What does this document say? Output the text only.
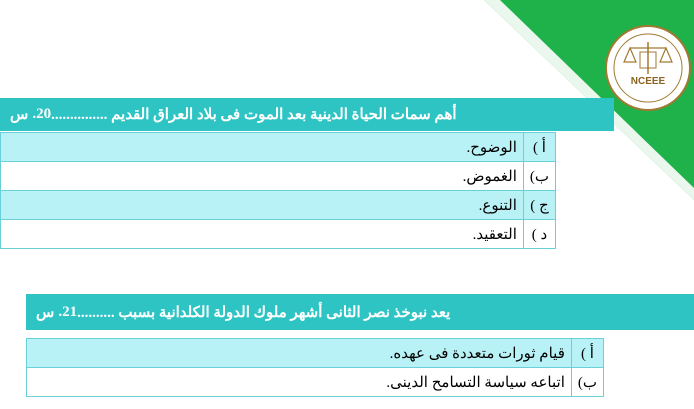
NCEEE
س 20. أهم سمات الحياة الدينية بعد الموت فى بلاد العراق القديم ...............
أ )	الوضوح.
ب)	الغموض.
ج )	التنوع.
د )	التعقيد.
س 21. يعد نبوخذ نصر الثانى أشهر ملوك الدولة الكلدانية بسبب ..........
أ )	قيام ثورات متعددة فى عهده.
ب)	اتباعه سياسة التسامح الدينى.
